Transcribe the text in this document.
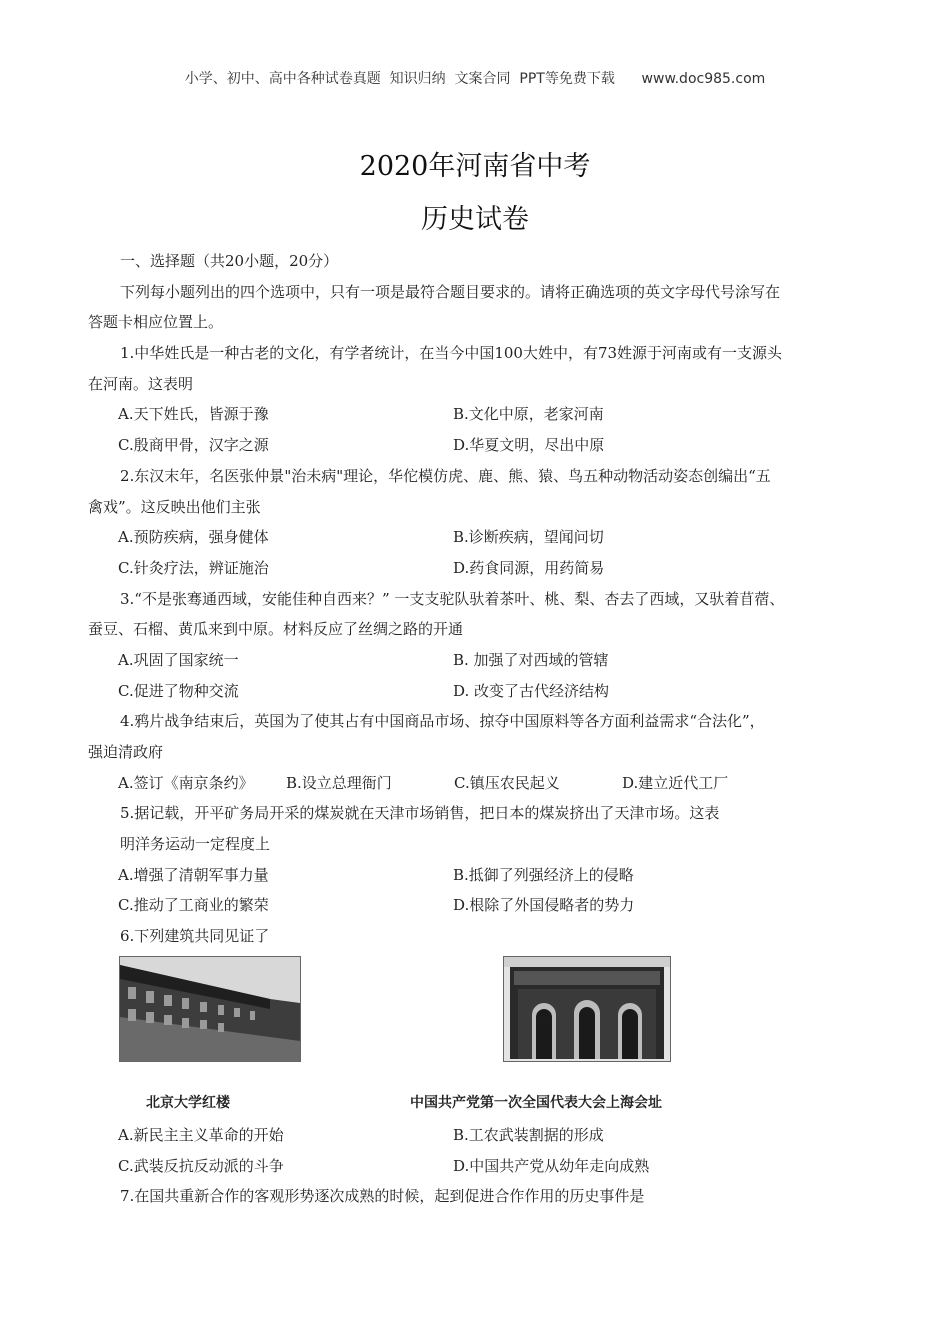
小学、初中、高中各种试卷真题  知识归纳  文案合同  PPT等免费下载      www.doc985.com
2020年河南省中考
历史试卷
一、选择题（共20小题，20分）
下列每小题列出的四个选项中，只有一项是最符合题目要求的。请将正确选项的英文字母代号涂写在
答题卡相应位置上。
1.中华姓氏是一种古老的文化，有学者统计，在当今中国100大姓中，有73姓源于河南或有一支源头
在河南。这表明
A.天下姓氏，皆源于豫	B.文化中原，老家河南
C.殷商甲骨，汉字之源	D.华夏文明，尽出中原
2.东汉末年，名医张仲景"治未病"理论，华佗模仿虎、鹿、熊、猿、鸟五种动物活动姿态创编出“五
禽戏”。这反映出他们主张
A.预防疾病，强身健体	B.诊断疾病，望闻问切
C.针灸疗法，辨证施治	D.药食同源，用药简易
3.“不是张骞通西域，安能佳种自西来？” 一支支驼队驮着茶叶、桃、梨、杏去了西域，又驮着苜蓿、
蚕豆、石榴、黄瓜来到中原。材料反应了丝绸之路的开通
A.巩固了国家统一	B. 加强了对西域的管辖
C.促进了物种交流	D. 改变了古代经济结构
4.鸦片战争结束后，英国为了使其占有中国商品市场、掠夺中国原料等各方面利益需求“合法化”，
强迫清政府
A.签订《南京条约》	B.设立总理衙门	C.镇压农民起义	D.建立近代工厂
5.据记载，开平矿务局开采的煤炭就在天津市场销售，把日本的煤炭挤出了天津市场。这表
明洋务运动一定程度上
A.增强了清朝军事力量	B.抵御了列强经济上的侵略
C.推动了工商业的繁荣	D.根除了外国侵略者的势力
6.下列建筑共同见证了
北京大学红楼	中国共产党第一次全国代表大会上海会址
A.新民主主义革命的开始	B.工农武装割据的形成
C.武装反抗反动派的斗争	D.中国共产党从幼年走向成熟
7.在国共重新合作的客观形势逐次成熟的时候，起到促进合作作用的历史事件是
